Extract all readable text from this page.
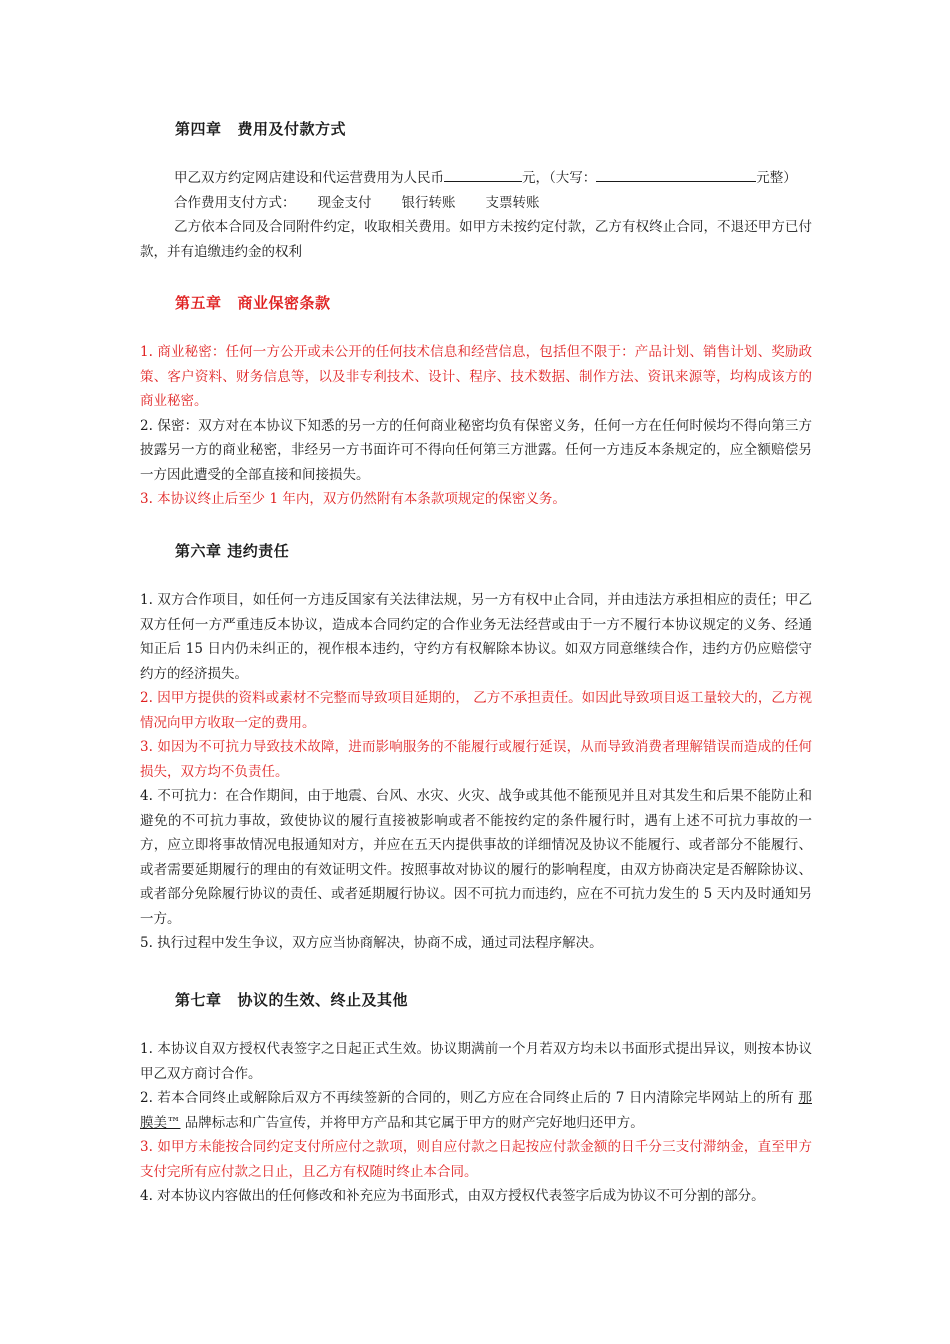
第四章 费用及付款方式

甲乙双方约定网店建设和代运营费用为人民币	元，（大写：	元整）

合作费用支付方式： 现金支付 银行转账 支票转账

乙方依本合同及合同附件约定，收取相关费用。如甲方未按约定付款，乙方有权终止合同，不退还甲方已付款，并有追缴违约金的权利

第五章 商业保密条款

1. 商业秘密：任何一方公开或未公开的任何技术信息和经营信息，包括但不限于：产品计划、销售计划、奖励政策、客户资料、财务信息等，以及非专利技术、设计、程序、技术数据、制作方法、资讯来源等，均构成该方的商业秘密。

2. 保密：双方对在本协议下知悉的另一方的任何商业秘密均负有保密义务，任何一方在任何时候均不得向第三方披露另一方的商业秘密，非经另一方书面许可不得向任何第三方泄露。任何一方违反本条规定的，应全额赔偿另一方因此遭受的全部直接和间接损失。

3. 本协议终止后至少 1 年内，双方仍然附有本条款项规定的保密义务。

第六章 违约责任

1. 双方合作项目，如任何一方违反国家有关法律法规，另一方有权中止合同，并由违法方承担相应的责任；甲乙双方任何一方严重违反本协议，造成本合同约定的合作业务无法经营或由于一方不履行本协议规定的义务、经通知正后 15 日内仍未纠正的，视作根本违约，守约方有权解除本协议。如双方同意继续合作，违约方仍应赔偿守约方的经济损失。

2. 因甲方提供的资料或素材不完整而导致项目延期的， 乙方不承担责任。如因此导致项目返工量较大的，乙方视情况向甲方收取一定的费用。

3. 如因为不可抗力导致技术故障，进而影响服务的不能履行或履行延误，从而导致消费者理解错误而造成的任何损失，双方均不负责任。

4. 不可抗力：在合作期间，由于地震、台风、水灾、火灾、战争或其他不能预见并且对其发生和后果不能防止和避免的不可抗力事故，致使协议的履行直接被影响或者不能按约定的条件履行时，遇有上述不可抗力事故的一方，应立即将事故情况电报通知对方，并应在五天内提供事故的详细情况及协议不能履行、或者部分不能履行、或者需要延期履行的理由的有效证明文件。按照事故对协议的履行的影响程度，由双方协商决定是否解除协议、或者部分免除履行协议的责任、或者延期履行协议。因不可抗力而违约，应在不可抗力发生的 5 天内及时通知另一方。

5. 执行过程中发生争议，双方应当协商解决，协商不成，通过司法程序解决。

第七章 协议的生效、终止及其他

1. 本协议自双方授权代表签字之日起正式生效。协议期满前一个月若双方均未以书面形式提出异议，则按本协议甲乙双方商讨合作。

2. 若本合同终止或解除后双方不再续签新的合同的，则乙方应在合同终止后的 7 日内清除完毕网站上的所有 那膜美™ 品牌标志和广告宣传，并将甲方产品和其它属于甲方的财产完好地归还甲方。

3. 如甲方未能按合同约定支付所应付之款项，则自应付款之日起按应付款金额的日千分三支付滞纳金，直至甲方支付完所有应付款之日止，且乙方有权随时终止本合同。

4. 对本协议内容做出的任何修改和补充应为书面形式，由双方授权代表签字后成为协议不可分割的部分。
